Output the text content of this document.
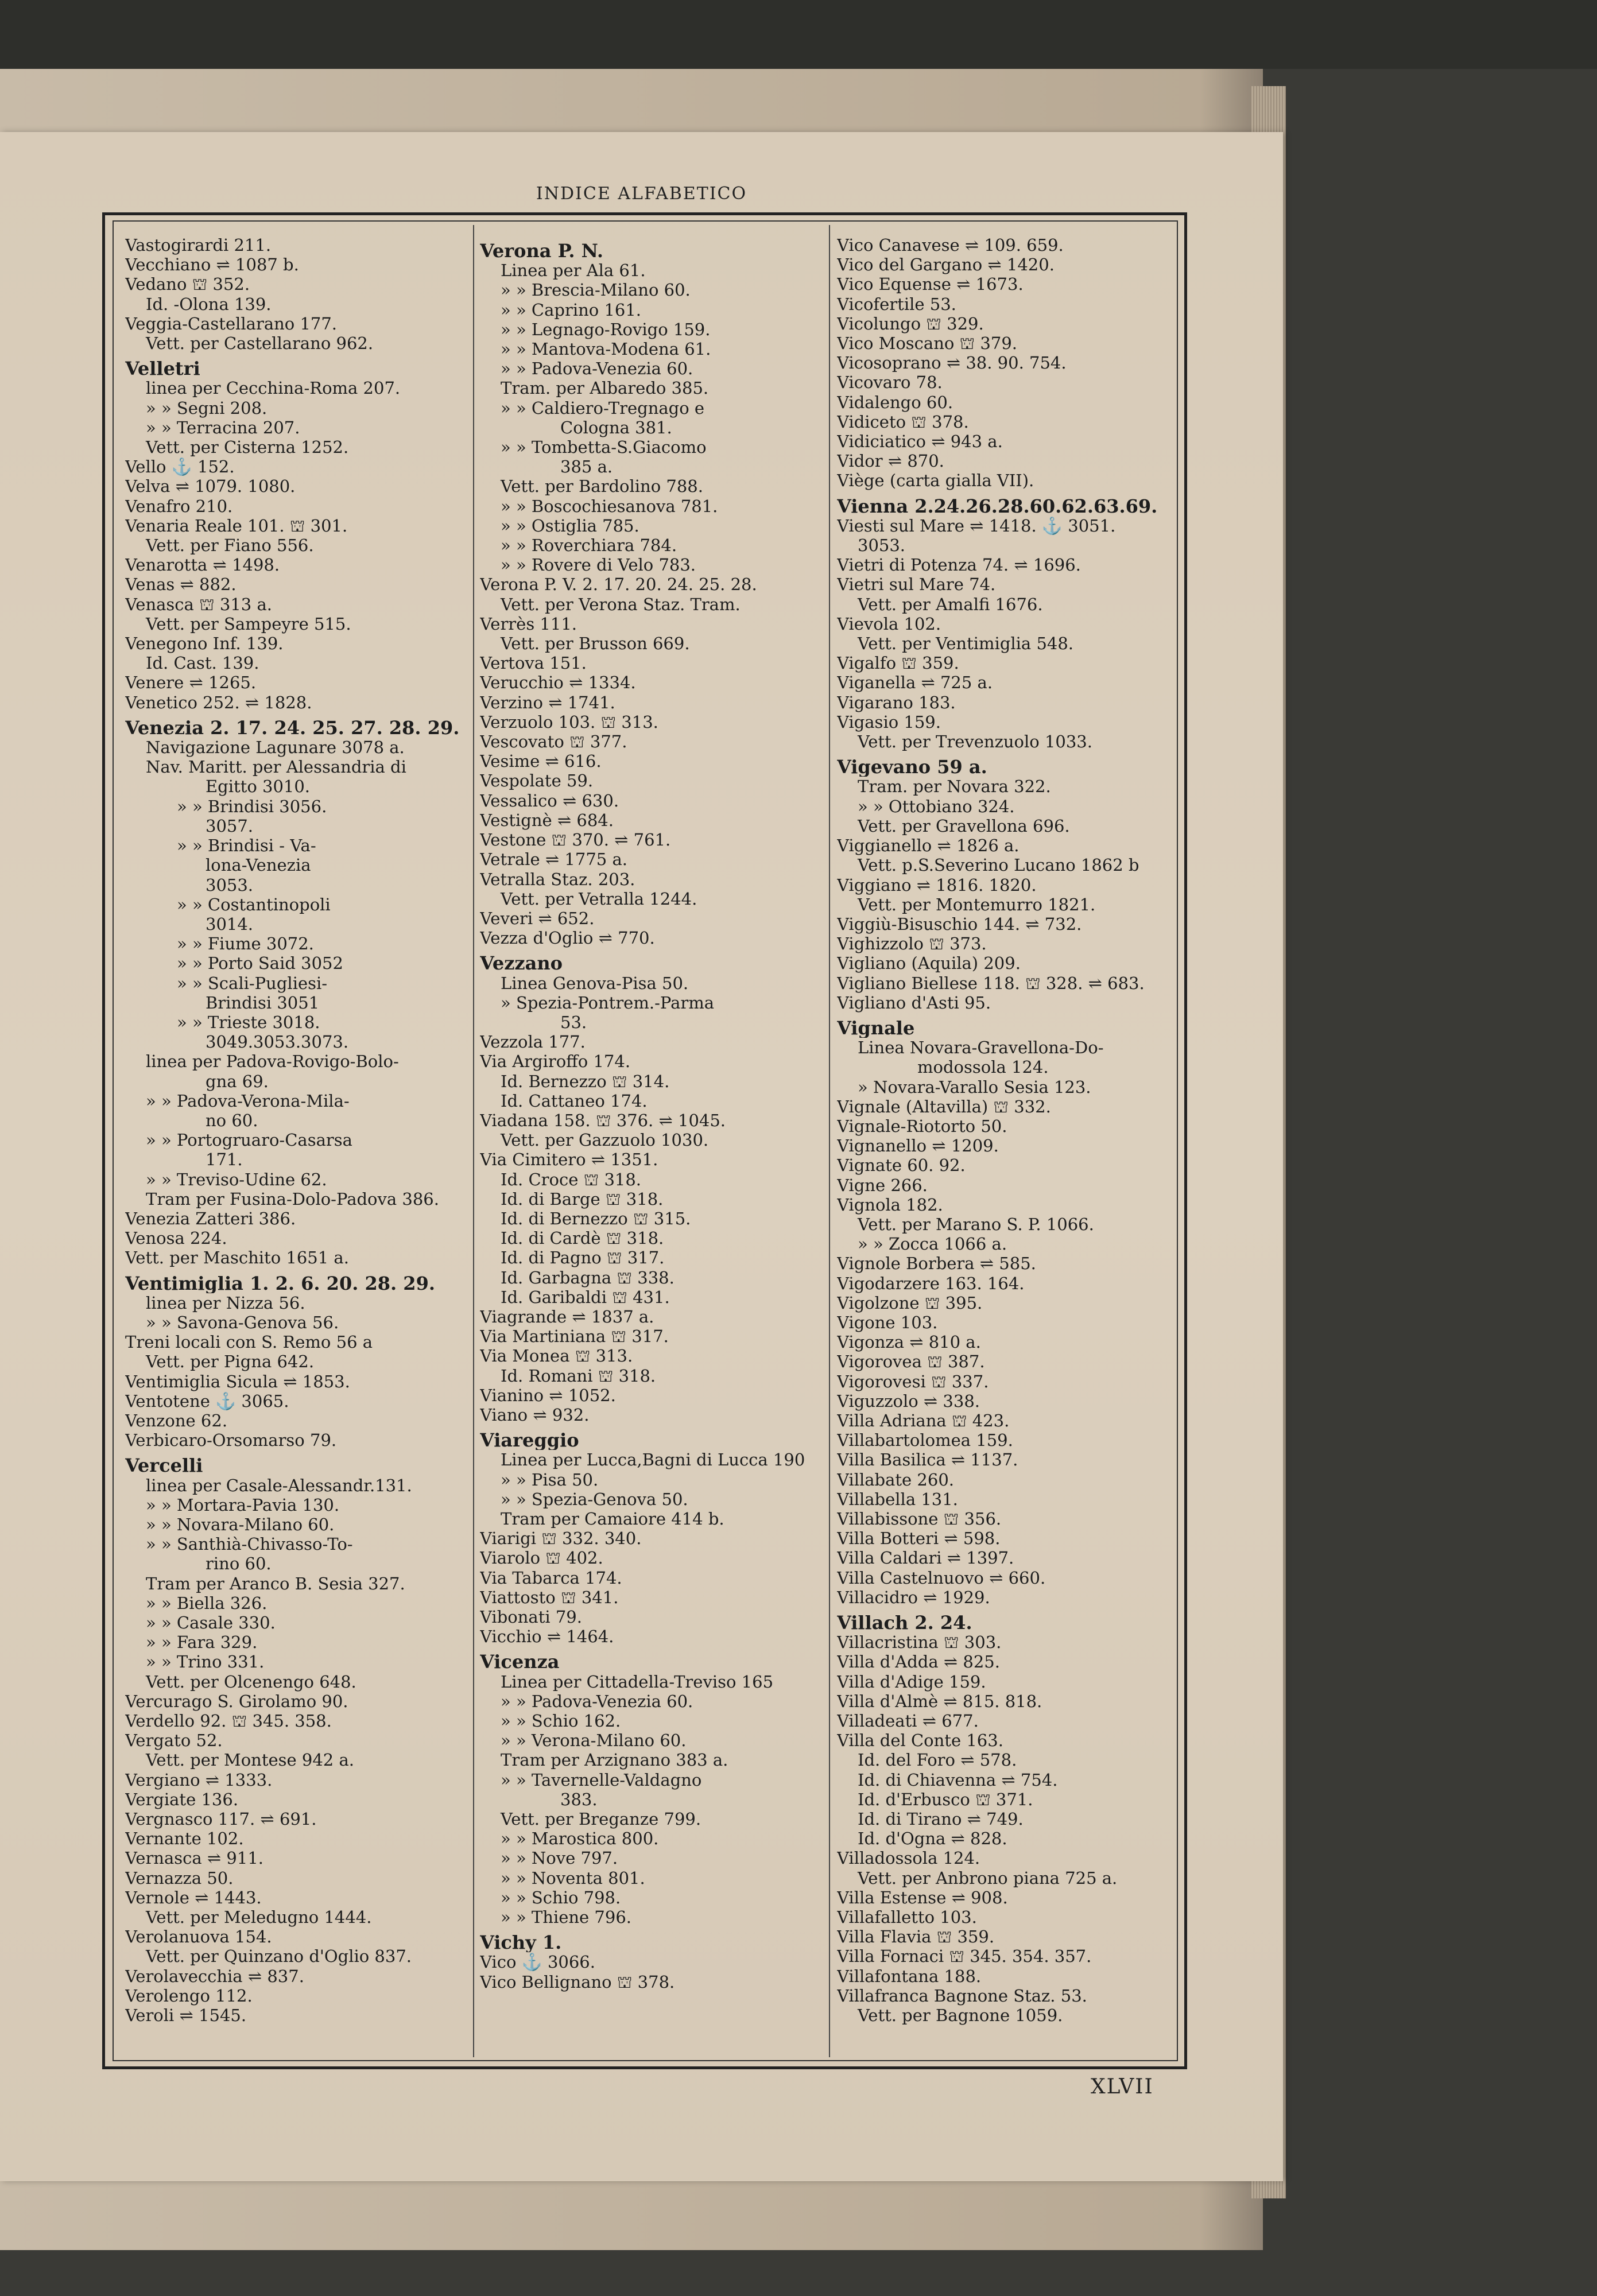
INDICE ALFABETICO
Vastogirardi 211.
Vecchiano ⇌ 1087 b.
Vedano ⛫ 352.
Id. -Olona 139.
Veggia-Castellarano 177.
Vett. per Castellarano 962.
Velletri
linea per Cecchina-Roma 207.
» » Segni 208.
» » Terracina 207.
Vett. per Cisterna 1252.
Vello ⚓ 152.
Velva ⇌ 1079. 1080.
Venafro 210.
Venaria Reale 101. ⛫ 301.
Vett. per Fiano 556.
Venarotta ⇌ 1498.
Venas ⇌ 882.
Venasca ⛫ 313 a.
Vett. per Sampeyre 515.
Venegono Inf. 139.
Id. Cast. 139.
Venere ⇌ 1265.
Venetico 252. ⇌ 1828.
Venezia 2. 17. 24. 25. 27. 28. 29.
Navigazione Lagunare 3078 a.
Nav. Maritt. per Alessandria di
Egitto 3010.
» » Brindisi 3056.
3057.
» » Brindisi - Va-
lona-Venezia
3053.
» » Costantinopoli
3014.
» » Fiume 3072.
» » Porto Said 3052
» » Scali-Pugliesi-
Brindisi 3051
» » Trieste 3018.
3049.3053.3073.
linea per Padova-Rovigo-Bolo-
gna 69.
» » Padova-Verona-Mila-
no 60.
» » Portogruaro-Casarsa
171.
» » Treviso-Udine 62.
Tram per Fusina-Dolo-Padova 386.
Venezia Zatteri 386.
Venosa 224.
Vett. per Maschito 1651 a.
Ventimiglia 1. 2. 6. 20. 28. 29.
linea per Nizza 56.
» » Savona-Genova 56.
Treni locali con S. Remo 56 a
Vett. per Pigna 642.
Ventimiglia Sicula ⇌ 1853.
Ventotene ⚓ 3065.
Venzone 62.
Verbicaro-Orsomarso 79.
Vercelli
linea per Casale-Alessandr.131.
» » Mortara-Pavia 130.
» » Novara-Milano 60.
» » Santhià-Chivasso-To-
rino 60.
Tram per Aranco B. Sesia 327.
» » Biella 326.
» » Casale 330.
» » Fara 329.
» » Trino 331.
Vett. per Olcenengo 648.
Vercurago S. Girolamo 90.
Verdello 92. ⛫ 345. 358.
Vergato 52.
Vett. per Montese 942 a.
Vergiano ⇌ 1333.
Vergiate 136.
Vergnasco 117. ⇌ 691.
Vernante 102.
Vernasca ⇌ 911.
Vernazza 50.
Vernole ⇌ 1443.
Vett. per Meledugno 1444.
Verolanuova 154.
Vett. per Quinzano d'Oglio 837.
Verolavecchia ⇌ 837.
Verolengo 112.
Veroli ⇌ 1545.
Verona P. N.
Linea per Ala 61.
» » Brescia-Milano 60.
» » Caprino 161.
» » Legnago-Rovigo 159.
» » Mantova-Modena 61.
» » Padova-Venezia 60.
Tram. per Albaredo 385.
» » Caldiero-Tregnago e
Cologna 381.
» » Tombetta-S.Giacomo
385 a.
Vett. per Bardolino 788.
» » Boscochiesanova 781.
» » Ostiglia 785.
» » Roverchiara 784.
» » Rovere di Velo 783.
Verona P. V. 2. 17. 20. 24. 25. 28.
Vett. per Verona Staz. Tram.
Verrès 111.
Vett. per Brusson 669.
Vertova 151.
Verucchio ⇌ 1334.
Verzino ⇌ 1741.
Verzuolo 103. ⛫ 313.
Vescovato ⛫ 377.
Vesime ⇌ 616.
Vespolate 59.
Vessalico ⇌ 630.
Vestignè ⇌ 684.
Vestone ⛫ 370. ⇌ 761.
Vetrale ⇌ 1775 a.
Vetralla Staz. 203.
Vett. per Vetralla 1244.
Veveri ⇌ 652.
Vezza d'Oglio ⇌ 770.
Vezzano
Linea Genova-Pisa 50.
» Spezia-Pontrem.-Parma
53.
Vezzola 177.
Via Argiroffo 174.
Id. Bernezzo ⛫ 314.
Id. Cattaneo 174.
Viadana 158. ⛫ 376. ⇌ 1045.
Vett. per Gazzuolo 1030.
Via Cimitero ⇌ 1351.
Id. Croce ⛫ 318.
Id. di Barge ⛫ 318.
Id. di Bernezzo ⛫ 315.
Id. di Cardè ⛫ 318.
Id. di Pagno ⛫ 317.
Id. Garbagna ⛫ 338.
Id. Garibaldi ⛫ 431.
Viagrande ⇌ 1837 a.
Via Martiniana ⛫ 317.
Via Monea ⛫ 313.
Id. Romani ⛫ 318.
Vianino ⇌ 1052.
Viano ⇌ 932.
Viareggio
Linea per Lucca,Bagni di Lucca 190
» » Pisa 50.
» » Spezia-Genova 50.
Tram per Camaiore 414 b.
Viarigi ⛫ 332. 340.
Viarolo ⛫ 402.
Via Tabarca 174.
Viattosto ⛫ 341.
Vibonati 79.
Vicchio ⇌ 1464.
Vicenza
Linea per Cittadella-Treviso 165
» » Padova-Venezia 60.
» » Schio 162.
» » Verona-Milano 60.
Tram per Arzignano 383 a.
» » Tavernelle-Valdagno
383.
Vett. per Breganze 799.
» » Marostica 800.
» » Nove 797.
» » Noventa 801.
» » Schio 798.
» » Thiene 796.
Vichy 1.
Vico ⚓ 3066.
Vico Bellignano ⛫ 378.
Vico Canavese ⇌ 109. 659.
Vico del Gargano ⇌ 1420.
Vico Equense ⇌ 1673.
Vicofertile 53.
Vicolungo ⛫ 329.
Vico Moscano ⛫ 379.
Vicosoprano ⇌ 38. 90. 754.
Vicovaro 78.
Vidalengo 60.
Vidiceto ⛫ 378.
Vidiciatico ⇌ 943 a.
Vidor ⇌ 870.
Viège (carta gialla VII).
Vienna 2.24.26.28.60.62.63.69.
Viesti sul Mare ⇌ 1418. ⚓ 3051.
3053.
Vietri di Potenza 74. ⇌ 1696.
Vietri sul Mare 74.
Vett. per Amalfi 1676.
Vievola 102.
Vett. per Ventimiglia 548.
Vigalfo ⛫ 359.
Viganella ⇌ 725 a.
Vigarano 183.
Vigasio 159.
Vett. per Trevenzuolo 1033.
Vigevano 59 a.
Tram. per Novara 322.
» » Ottobiano 324.
Vett. per Gravellona 696.
Viggianello ⇌ 1826 a.
Vett. p.S.Severino Lucano 1862 b
Viggiano ⇌ 1816. 1820.
Vett. per Montemurro 1821.
Viggiù-Bisuschio 144. ⇌ 732.
Vighizzolo ⛫ 373.
Vigliano (Aquila) 209.
Vigliano Biellese 118. ⛫ 328. ⇌ 683.
Vigliano d'Asti 95.
Vignale
Linea Novara-Gravellona-Do-
modossola 124.
» Novara-Varallo Sesia 123.
Vignale (Altavilla) ⛫ 332.
Vignale-Riotorto 50.
Vignanello ⇌ 1209.
Vignate 60. 92.
Vigne 266.
Vignola 182.
Vett. per Marano S. P. 1066.
» » Zocca 1066 a.
Vignole Borbera ⇌ 585.
Vigodarzere 163. 164.
Vigolzone ⛫ 395.
Vigone 103.
Vigonza ⇌ 810 a.
Vigorovea ⛫ 387.
Vigorovesi ⛫ 337.
Viguzzolo ⇌ 338.
Villa Adriana ⛫ 423.
Villabartolomea 159.
Villa Basilica ⇌ 1137.
Villabate 260.
Villabella 131.
Villabissone ⛫ 356.
Villa Botteri ⇌ 598.
Villa Caldari ⇌ 1397.
Villa Castelnuovo ⇌ 660.
Villacidro ⇌ 1929.
Villach 2. 24.
Villacristina ⛫ 303.
Villa d'Adda ⇌ 825.
Villa d'Adige 159.
Villa d'Almè ⇌ 815. 818.
Villadeati ⇌ 677.
Villa del Conte 163.
Id. del Foro ⇌ 578.
Id. di Chiavenna ⇌ 754.
Id. d'Erbusco ⛫ 371.
Id. di Tirano ⇌ 749.
Id. d'Ogna ⇌ 828.
Villadossola 124.
Vett. per Anbrono piana 725 a.
Villa Estense ⇌ 908.
Villafalletto 103.
Villa Flavia ⛫ 359.
Villa Fornaci ⛫ 345. 354. 357.
Villafontana 188.
Villafranca Bagnone Staz. 53.
Vett. per Bagnone 1059.
XLVII
